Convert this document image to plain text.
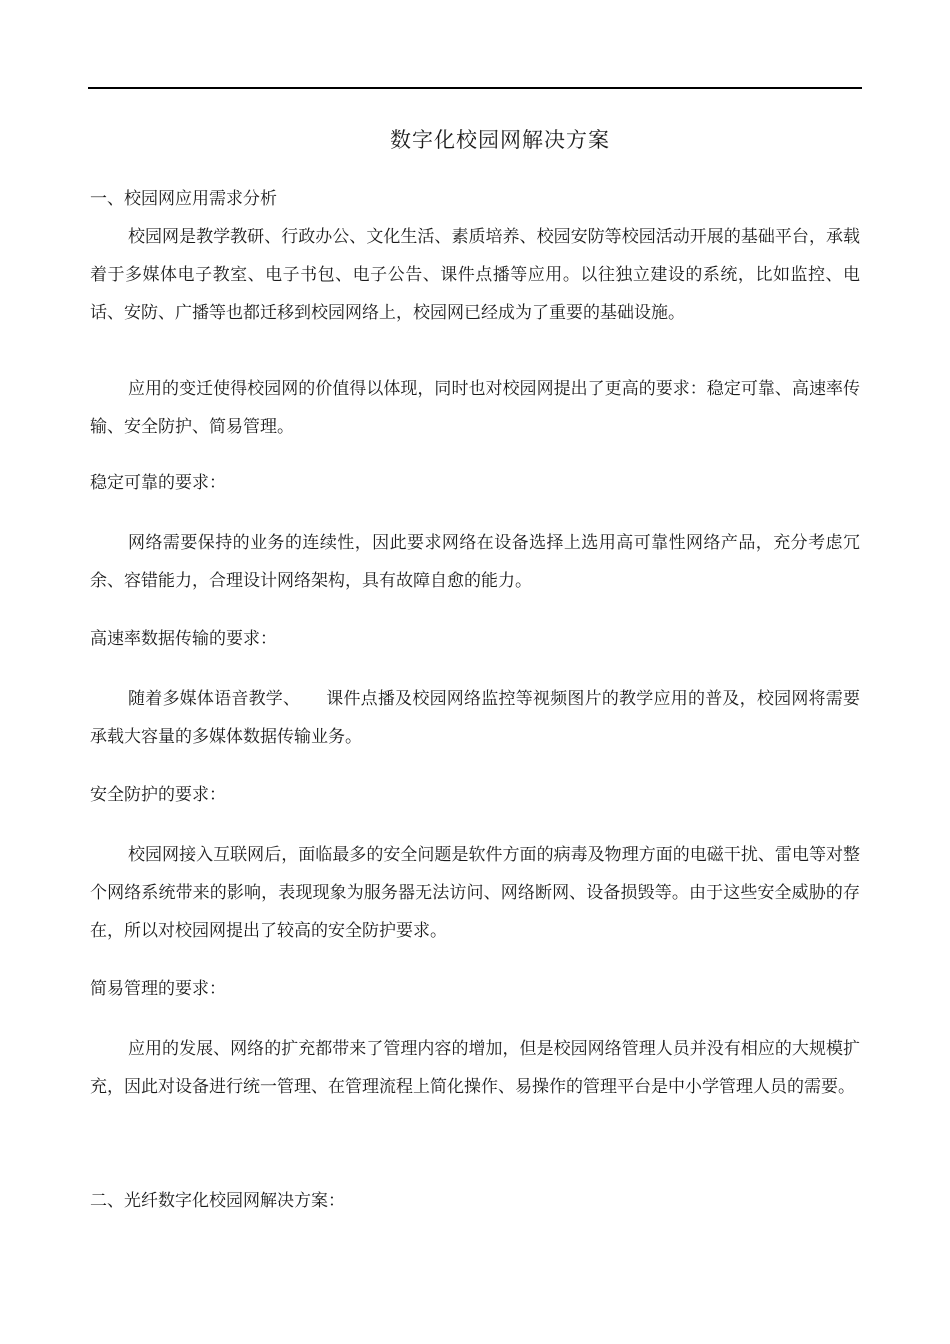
数字化校园网解决方案

一、校园网应用需求分析

校园网是教学教研、行政办公、文化生活、素质培养、校园安防等校园活动开展的基础平台，承载着于多媒体电子教室、电子书包、电子公告、课件点播等应用。以往独立建设的系统，比如监控、电话、安防、广播等也都迁移到校园网络上，校园网已经成为了重要的基础设施。

应用的变迁使得校园网的价值得以体现，同时也对校园网提出了更高的要求：稳定可靠、高速率传输、安全防护、简易管理。

稳定可靠的要求：

网络需要保持的业务的连续性，因此要求网络在设备选择上选用高可靠性网络产品，充分考虑冗余、容错能力，合理设计网络架构，具有故障自愈的能力。

高速率数据传输的要求：

随着多媒体语音教学、　　课件点播及校园网络监控等视频图片的教学应用的普及，校园网将需要承载大容量的多媒体数据传输业务。

安全防护的要求：

校园网接入互联网后，面临最多的安全问题是软件方面的病毒及物理方面的电磁干扰、雷电等对整个网络系统带来的影响，表现现象为服务器无法访问、网络断网、设备损毁等。由于这些安全威胁的存在，所以对校园网提出了较高的安全防护要求。

简易管理的要求：

应用的发展、网络的扩充都带来了管理内容的增加，但是校园网络管理人员并没有相应的大规模扩充，因此对设备进行统一管理、在管理流程上简化操作、易操作的管理平台是中小学管理人员的需要。

二、光纤数字化校园网解决方案：
